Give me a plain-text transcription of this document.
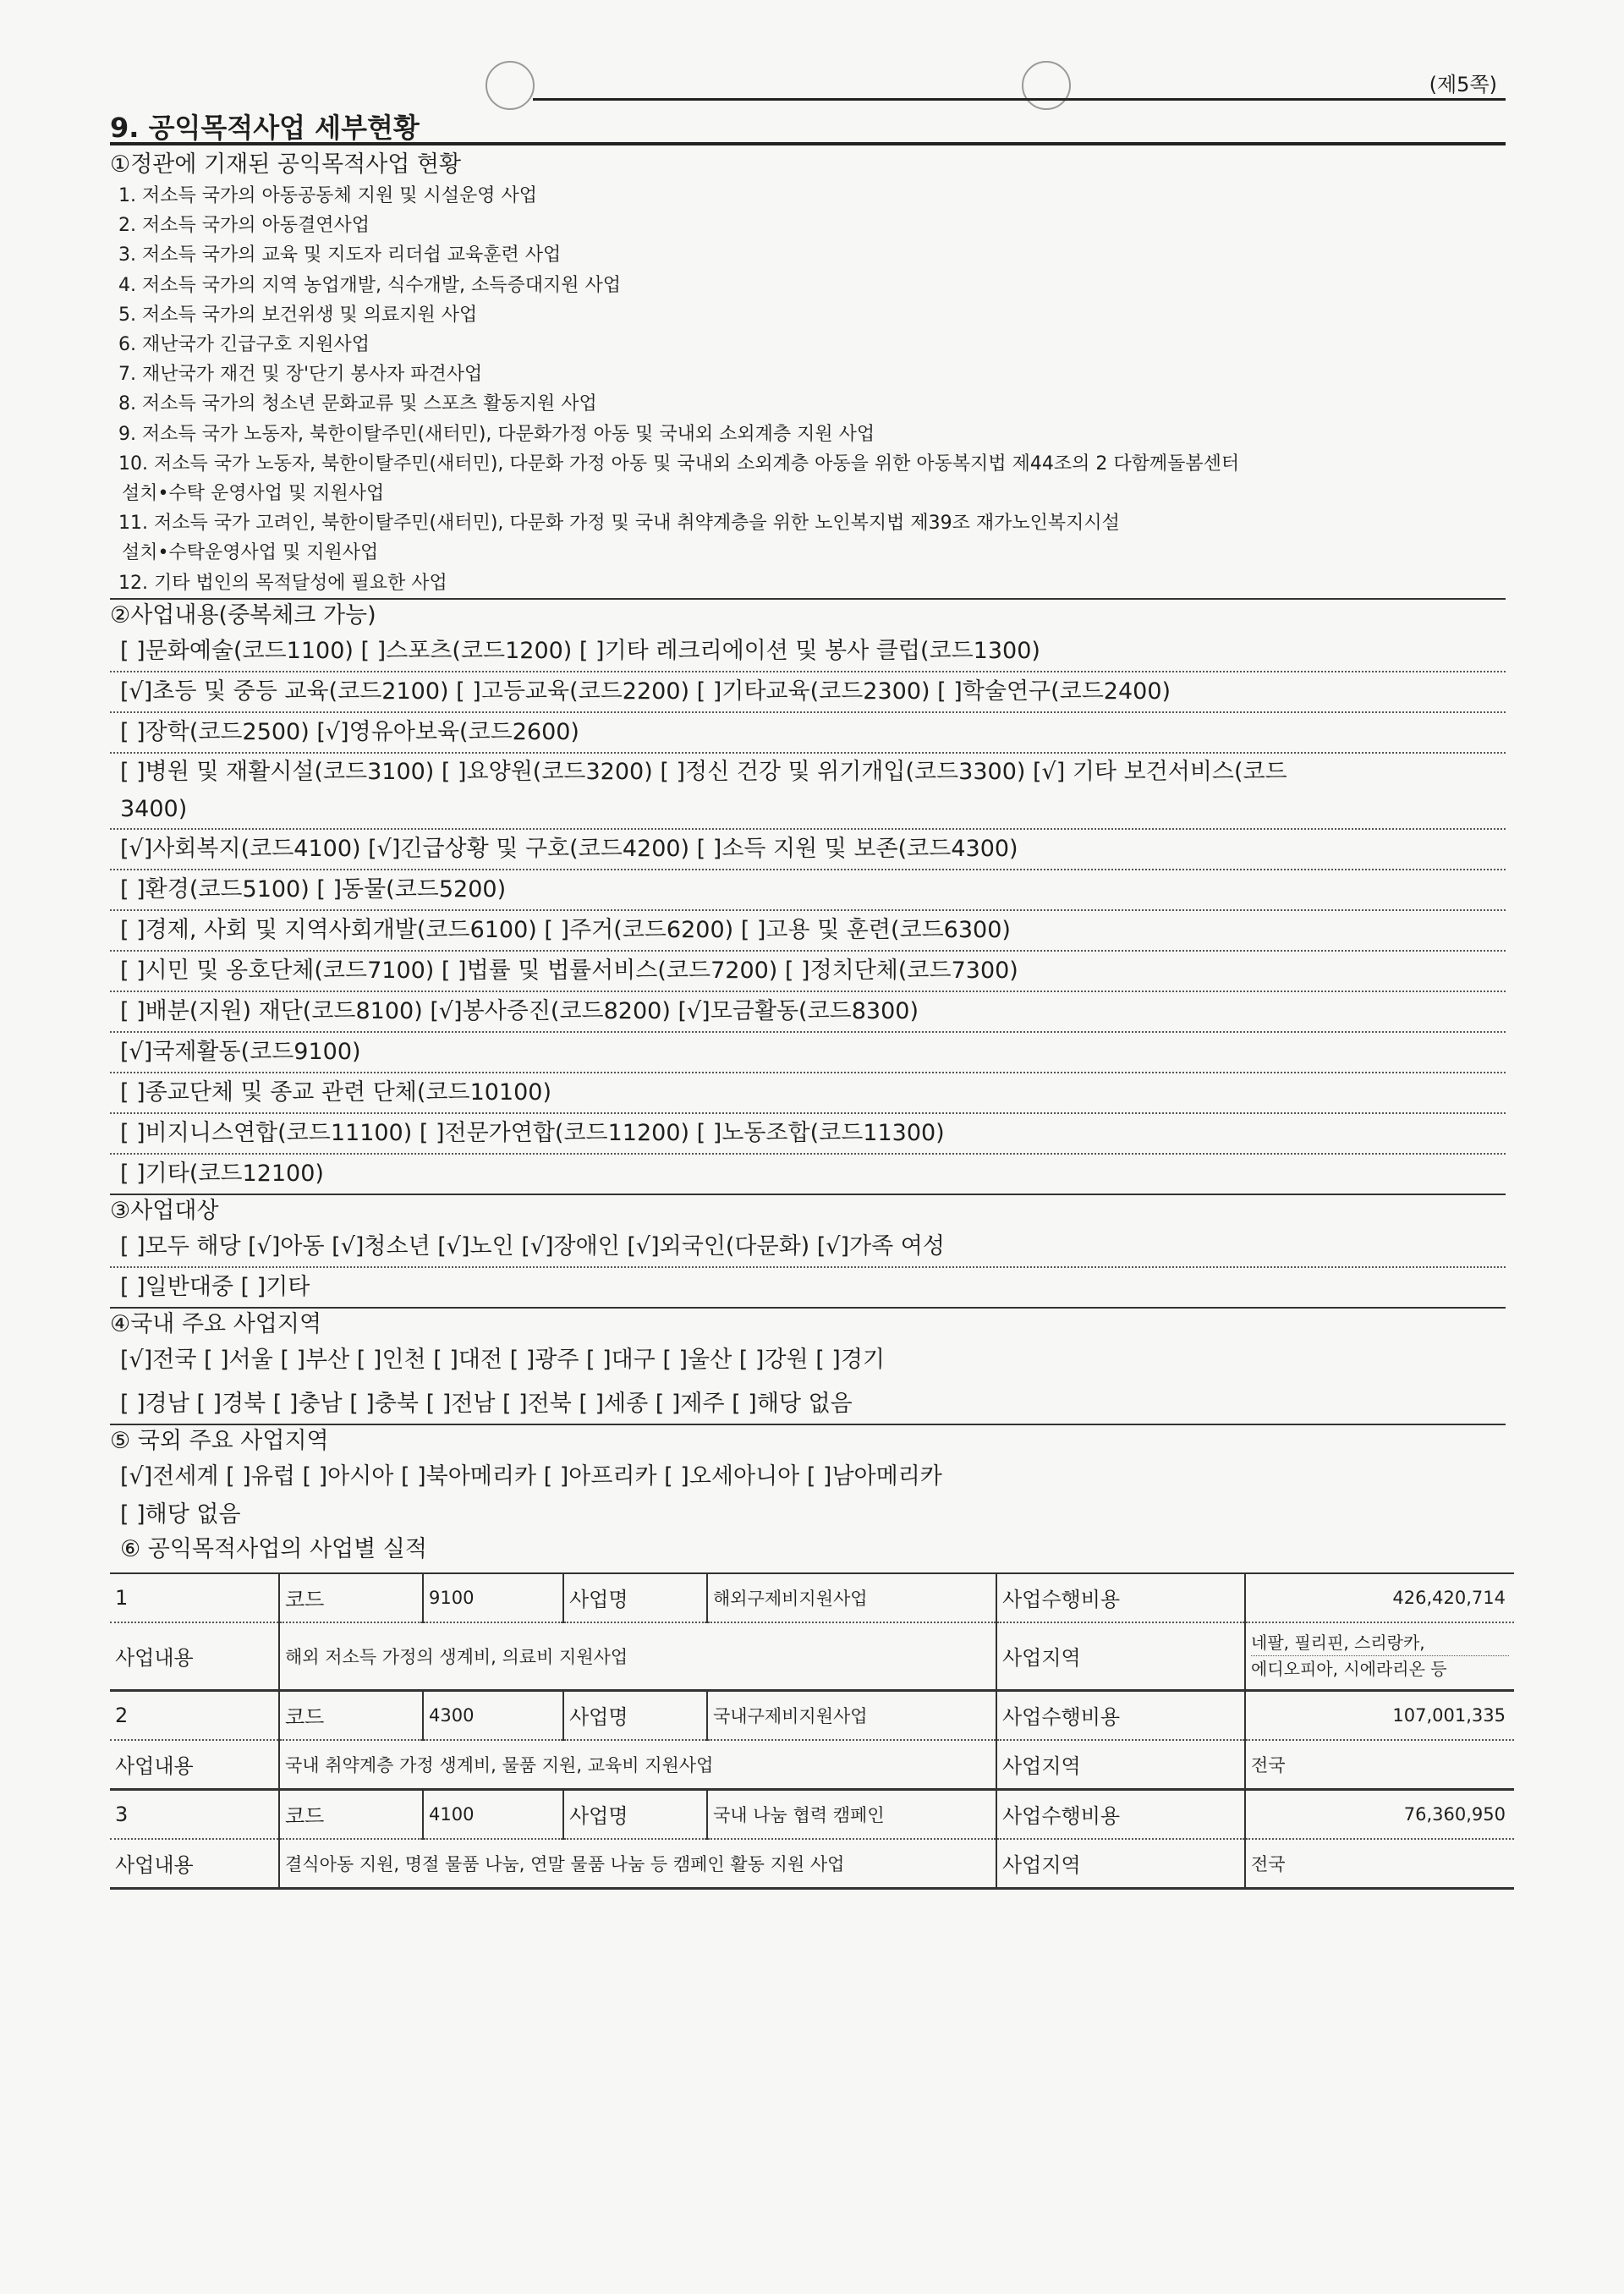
(제5쪽)
9. 공익목적사업 세부현황
①정관에 기재된 공익목적사업 현황
1. 저소득 국가의 아동공동체 지원 및 시설운영 사업
2. 저소득 국가의 아동결연사업
3. 저소득 국가의 교육 및 지도자 리더쉽 교육훈련 사업
4. 저소득 국가의 지역 농업개발, 식수개발, 소득증대지원 사업
5. 저소득 국가의 보건위생 및 의료지원 사업
6. 재난국가 긴급구호 지원사업
7. 재난국가 재건 및 장'단기 봉사자 파견사업
8. 저소득 국가의 청소년 문화교류 및 스포츠 활동지원 사업
9. 저소득 국가 노동자, 북한이탈주민(새터민), 다문화가정 아동 및 국내외 소외계층 지원 사업
10. 저소득 국가 노동자, 북한이탈주민(새터민), 다문화 가정 아동 및 국내외 소외계층 아동을 위한 아동복지법 제44조의 2 다함께돌봄센터
설치•수탁 운영사업 및 지원사업
11. 저소득 국가 고려인, 북한이탈주민(새터민), 다문화 가정 및 국내 취약계층을 위한 노인복지법 제39조 재가노인복지시설
설치•수탁운영사업 및 지원사업
12. 기타 법인의 목적달성에 필요한 사업
②사업내용(중복체크 가능)
[ ]문화예술(코드1100) [ ]스포츠(코드1200) [ ]기타 레크리에이션 및 봉사 클럽(코드1300)
[√]초등 및 중등 교육(코드2100) [ ]고등교육(코드2200) [ ]기타교육(코드2300) [ ]학술연구(코드2400)
[ ]장학(코드2500) [√]영유아보육(코드2600)
[ ]병원 및 재활시설(코드3100) [ ]요양원(코드3200) [ ]정신 건강 및 위기개입(코드3300) [√] 기타 보건서비스(코드
3400)
[√]사회복지(코드4100) [√]긴급상황 및 구호(코드4200) [ ]소득 지원 및 보존(코드4300)
[ ]환경(코드5100) [ ]동물(코드5200)
[ ]경제, 사회 및 지역사회개발(코드6100) [ ]주거(코드6200) [ ]고용 및 훈련(코드6300)
[ ]시민 및 옹호단체(코드7100) [ ]법률 및 법률서비스(코드7200) [ ]정치단체(코드7300)
[ ]배분(지원) 재단(코드8100) [√]봉사증진(코드8200) [√]모금활동(코드8300)
[√]국제활동(코드9100)
[ ]종교단체 및 종교 관련 단체(코드10100)
[ ]비지니스연합(코드11100) [ ]전문가연합(코드11200) [ ]노동조합(코드11300)
[ ]기타(코드12100)
③사업대상
[ ]모두 해당 [√]아동 [√]청소년 [√]노인 [√]장애인 [√]외국인(다문화) [√]가족 여성
[ ]일반대중 [ ]기타
④국내 주요 사업지역
[√]전국 [ ]서울 [ ]부산 [ ]인천 [ ]대전 [ ]광주 [ ]대구 [ ]울산 [ ]강원 [ ]경기
[ ]경남 [ ]경북 [ ]충남 [ ]충북 [ ]전남 [ ]전북 [ ]세종 [ ]제주 [ ]해당 없음
⑤ 국외 주요 사업지역
[√]전세계 [ ]유럽 [ ]아시아 [ ]북아메리카 [ ]아프리카 [ ]오세아니아 [ ]남아메리카
[ ]해당 없음
⑥ 공익목적사업의 사업별 실적
1	코드	9100	사업명	해외구제비지원사업	사업수행비용	426,420,714
사업내용	해외 저소득 가정의 생계비, 의료비 지원사업				사업지역	네팔, 필리핀, 스리랑카,
에디오피아, 시에라리온 등
2	코드	4300	사업명	국내구제비지원사업	사업수행비용	107,001,335
사업내용	국내 취약계층 가정 생계비, 물품 지원, 교육비 지원사업				사업지역	전국
3	코드	4100	사업명	국내 나눔 협력 캠페인	사업수행비용	76,360,950
사업내용	결식아동 지원, 명절 물품 나눔, 연말 물품 나눔 등 캠페인 활동 지원 사업				사업지역	전국
